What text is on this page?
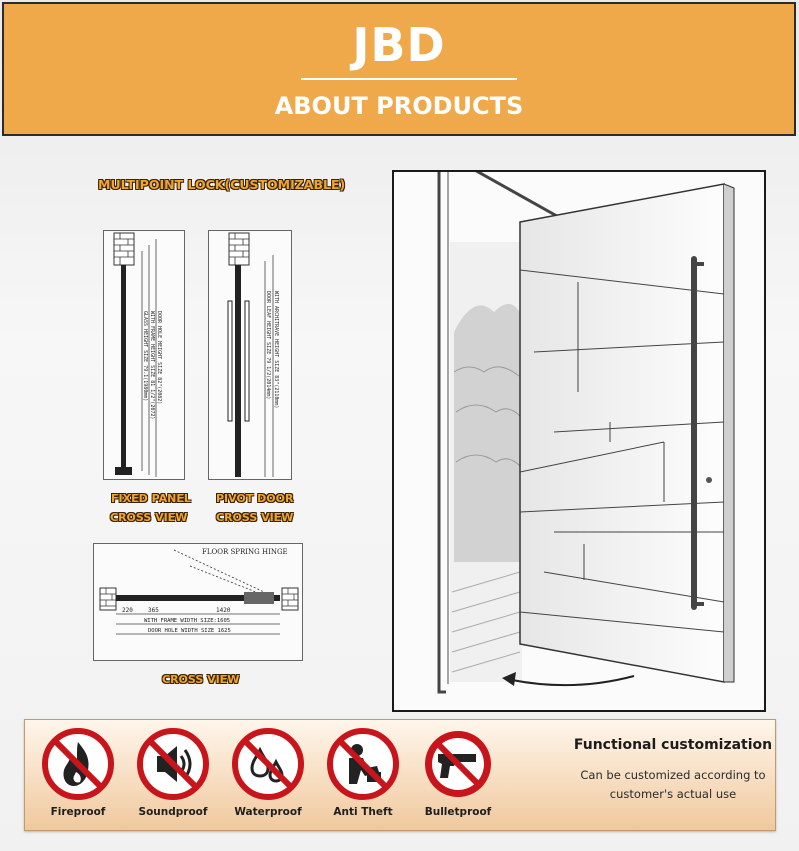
JBD
ABOUT PRODUCTS
MULTIPOINT LOCK(CUSTOMIZABLE)
GLASS HEIGHT SIZE 79.1(1980mm) WITH FRAME HEIGHT SIZE 81 1/2"(2072) DOOR HOLE HEIGHT SIZE 82"(2082)
FIXED PANEL
CROSS VIEW
DOOR LEAF HEIGHT SIZE 79 1/2(2014mm) WITH ARCHITRAVE HEIGHT SIZE 83"(2110mm)
PIVOT DOOR
CROSS VIEW
FLOOR SPRING HINGE
220	365	1420
WITH FRAME WIDTH SIZE:1605
DOOR HOLE WIDTH SIZE 1625
CROSS VIEW
Fireproof	Soundproof	Waterproof	Anti Theft	Bulletproof
Functional customization
Can be customized according to
customer's actual use
